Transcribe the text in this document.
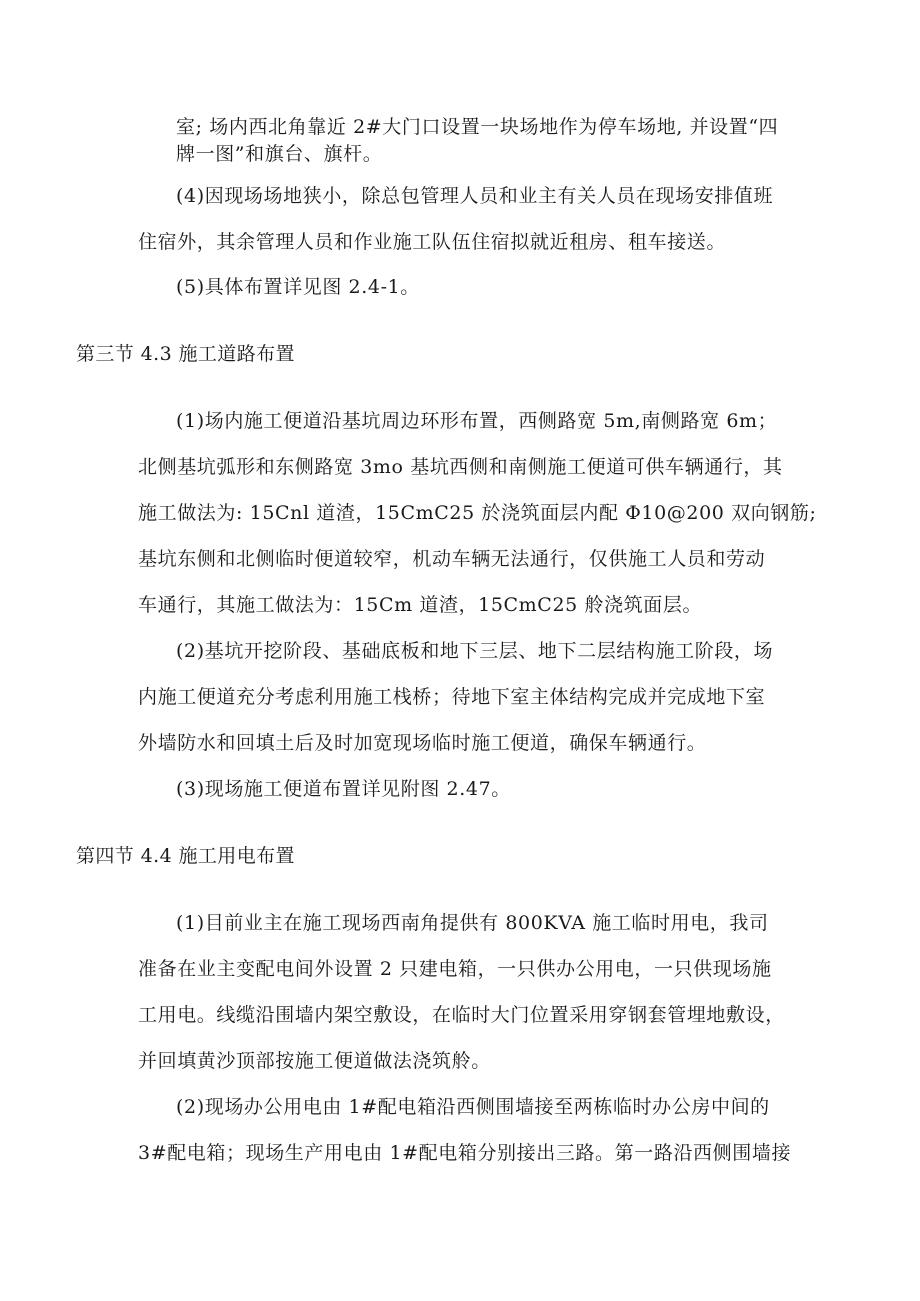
室; 场内西北角靠近 2#大门口设置一块场地作为停车场地, 并设置“四
牌一图”和旗台、旗杆。
(4)因现场场地狭小，除总包管理人员和业主有关人员在现场安排值班
住宿外，其余管理人员和作业施工队伍住宿拟就近租房、租车接送。
(5)具体布置详见图 2.4-1。
第三节 4.3 施工道路布置
(1)场内施工便道沿基坑周边环形布置，西侧路宽 5m,南侧路宽 6m；
北侧基坑弧形和东侧路宽 3mo 基坑西侧和南侧施工便道可供车辆通行，其
施工做法为: 15Cnl 道渣，15CmC25 於浇筑面层内配 Φ10@200 双向钢筋;
基坑东侧和北侧临时便道较窄，机动车辆无法通行，仅供施工人员和劳动
车通行，其施工做法为：15Cm 道渣，15CmC25 舲浇筑面层。
(2)基坑开挖阶段、基础底板和地下三层、地下二层结构施工阶段，场
内施工便道充分考虑利用施工栈桥；待地下室主体结构完成并完成地下室
外墙防水和回填土后及时加宽现场临时施工便道，确保车辆通行。
(3)现场施工便道布置详见附图 2.47。
第四节 4.4 施工用电布置
(1)目前业主在施工现场西南角提供有 800KVA 施工临时用电，我司
准备在业主变配电间外设置 2 只建电箱，一只供办公用电，一只供现场施
工用电。线缆沿围墙内架空敷设，在临时大门位置采用穿钢套管埋地敷设，
并回填黄沙顶部按施工便道做法浇筑舲。
(2)现场办公用电由 1#配电箱沿西侧围墙接至两栋临时办公房中间的
3#配电箱；现场生产用电由 1#配电箱分别接出三路。第一路沿西侧围墙接
